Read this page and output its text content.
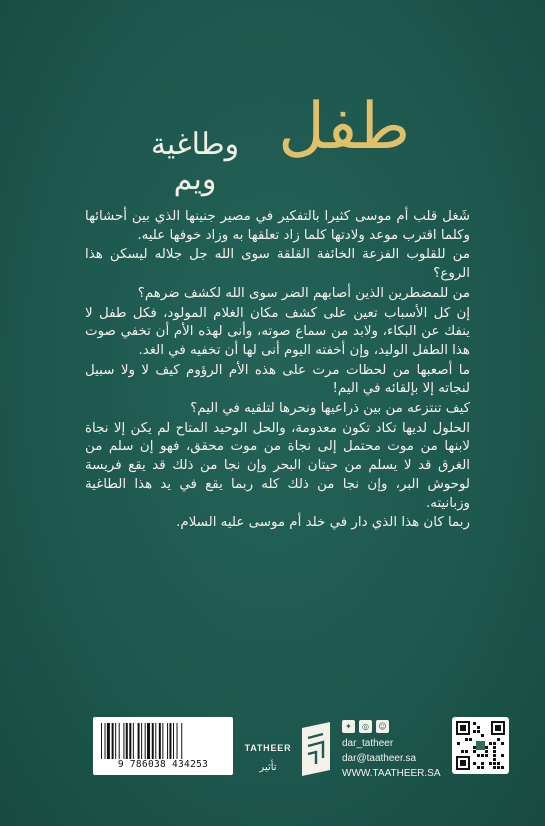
طفل
وطاغية ويم

شَغل قلب أم موسى كثيرا بالتفكير في مصير جنينها الذي بين أحشائها وكلما اقترب موعد ولادتها كلما زاد تعلقها به وزاد خوفها عليه.

من للقلوب الفزعة الخائفة القلقة سوى الله جل جلاله ليسكن هذا الروع؟

من للمضطرين الذين أصابهم الضر سوى الله لكشف ضرهم؟

إن كل الأسباب تعين على كشف مكان الغلام المولود، فكل طفل لا ينفك عن البكاء، ولابد من سماع صوته، وأنى لهذه الأم أن تخفي صوت هذا الطفل الوليد، وإن أخفته اليوم أنى لها أن تخفيه في الغد.

ما أصعبها من لحظات مرت على هذه الأم الرؤوم كيف لا ولا سبيل لنجاته إلا بإلقائه في اليم!

كيف تنتزعه من بين ذراعيها ونحرها لتلقيه في اليم؟

الحلول لديها تكاد تكون معدومة، والحل الوحيد المتاح لم يكن إلا نجاة لابنها من موت محتمل إلى نجاة من موت محقق، فهو إن سلم من الغرق قد لا يسلم من حيتان البحر وإن نجا من ذلك قد يقع فريسة لوحوش البر، وإن نجا من ذلك كله ربما يقع في يد هذا الطاغية وزبانيته.

ربما كان هذا الذي دار في خلد أم موسى عليه السلام.

9 786038 434253
TATHEER
تأثير
✦	◎	☺
dar_tatheer
dar@taatheer.sa
WWW.TAATHEER.SA
